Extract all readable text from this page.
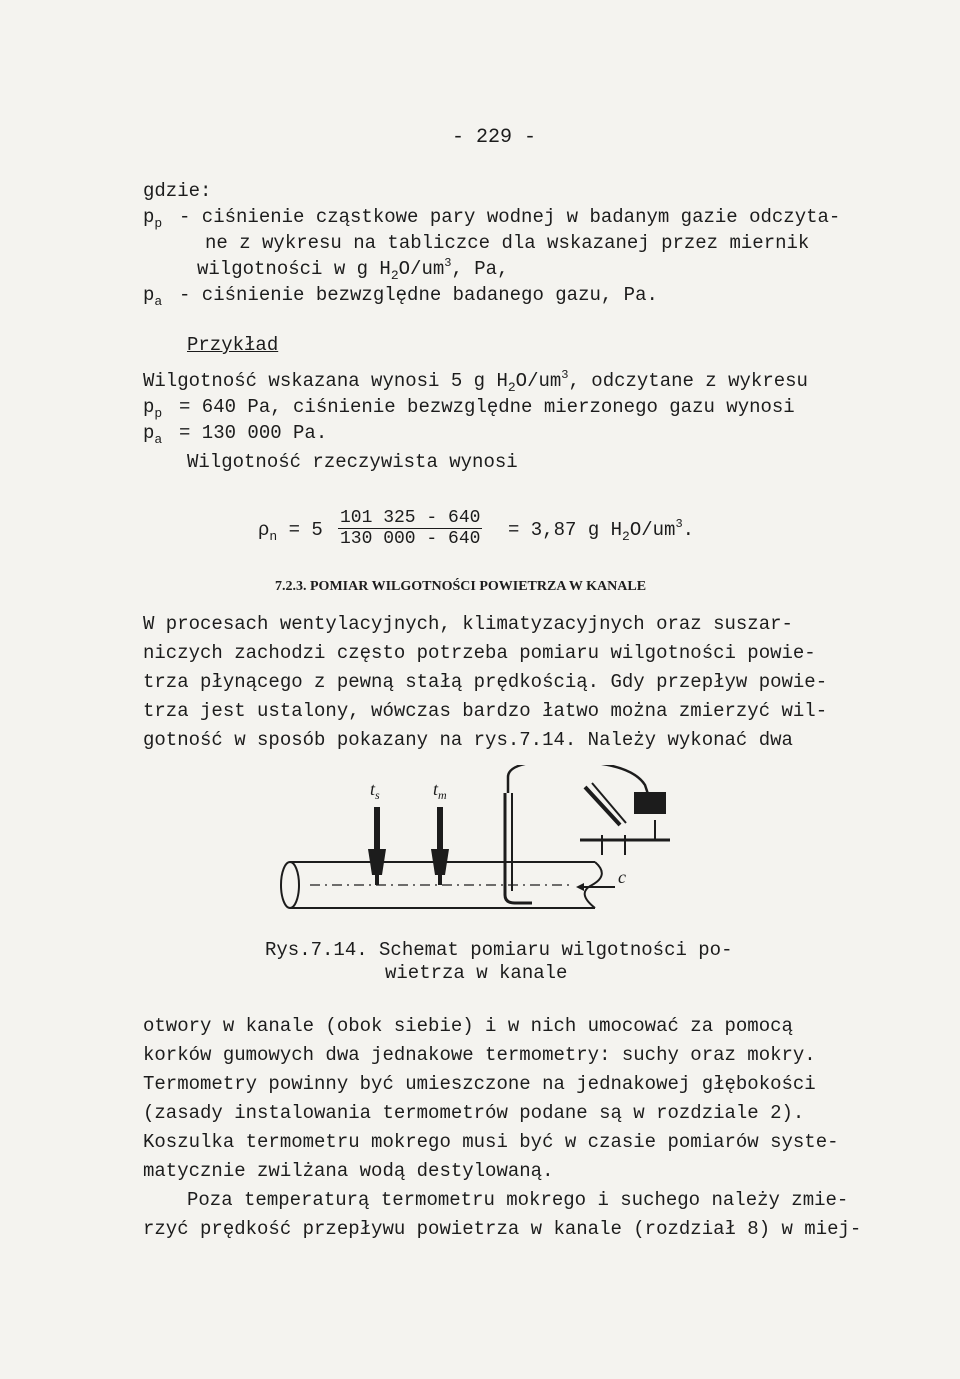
- 229 -
gdzie:
$p_p$ - ciśnienie cząstkowe pary wodnej w badanym gazie odczyta-
ne z wykresu na tabliczce dla wskazanej przez miernik
wilgotności w g $H_2O/um^3$, Pa,
$p_a$ - ciśnienie bezwzględne badanego gazu, Pa.
Przykład
Wilgotność wskazana wynosi 5 g $H_2O/um^3$, odczytane z wykresu
$p_p = 640$ Pa, ciśnienie bezwzględne mierzonego gazu wynosi
$p_a = 130$ 000 Pa.
Wilgotność rzeczywista wynosi
$\rho_n = 5 \frac{101 325 - 640}{130 000 - 640} = 3,87$ g $H_2O/um^3$.
7.2.3. POMIAR WILGOTNOŚCI POWIETRZA W KANALE
W procesach wentylacyjnych, klimatyzacyjnych oraz suszar-
niczych zachodzi często potrzeba pomiaru wilgotności powie-
trza płynącego z pewną stałą prędkością. Gdy przepływ powie-
trza jest ustalony, wówczas bardzo łatwo można zmierzyć wil-
gotność w sposób pokazany na rys.7.14. Należy wykonać dwa
$t_s$	$t_m$
c
Rys.7.14. Schemat pomiaru wilgotności po-
wietrza w kanale
otwory w kanale (obok siebie) i w nich umocować za pomocą
korków gumowych dwa jednakowe termometry: suchy oraz mokry.
Termometry powinny być umieszczone na jednakowej głębokości
(zasady instalowania termometrów podane są w rozdziale 2).
Koszulka termometru mokrego musi być w czasie pomiarów syste-
matycznie zwilżana wodą destylowaną.
Poza temperaturą termometru mokrego i suchego należy zmie-
rzyć prędkość przepływu powietrza w kanale (rozdział 8) w miej-
